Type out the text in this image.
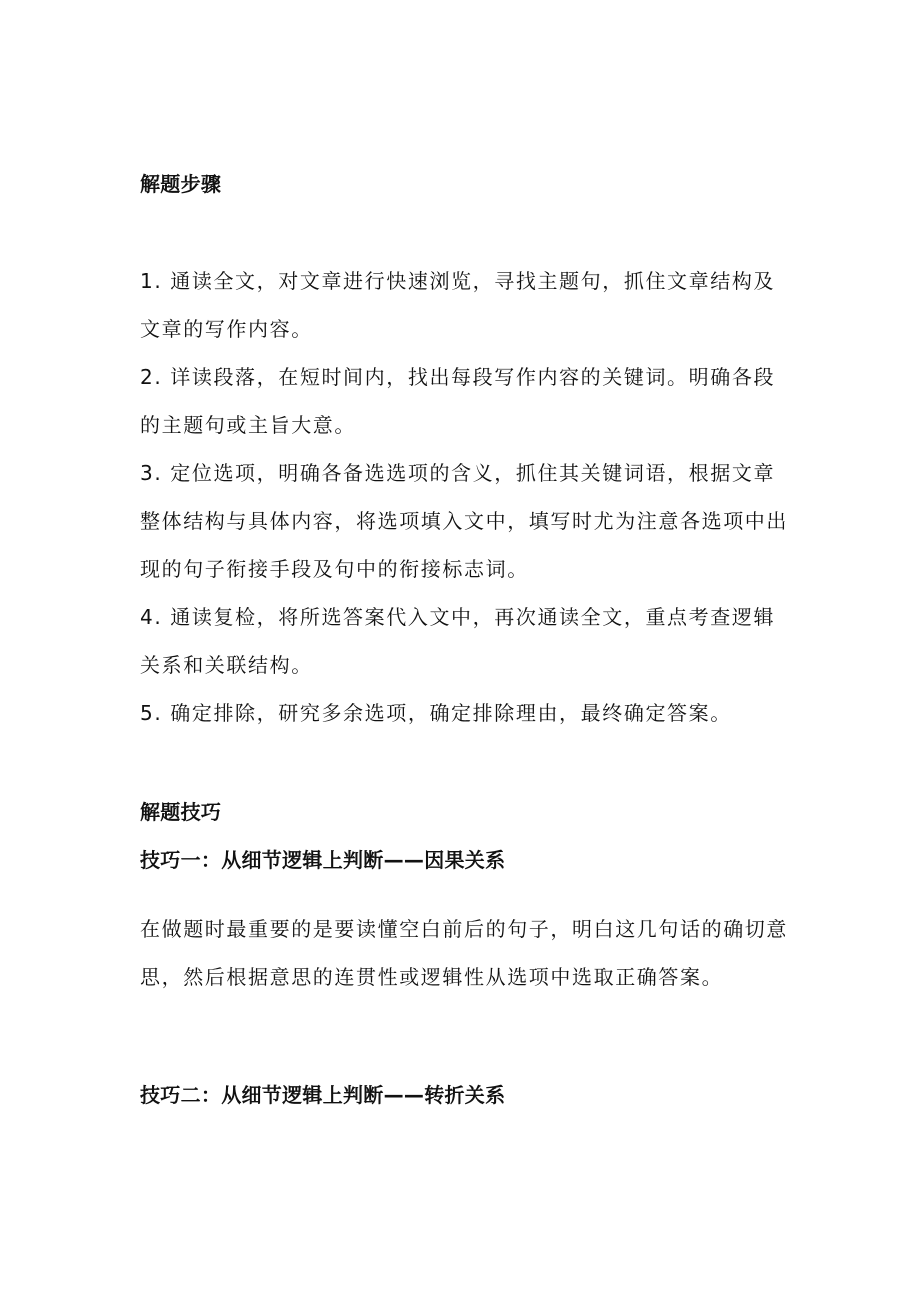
解题步骤

1. 通读全文，对文章进行快速浏览，寻找主题句，抓住文章结构及文章的写作内容。

2. 详读段落，在短时间内，找出每段写作内容的关键词。明确各段的主题句或主旨大意。

3. 定位选项，明确各备选选项的含义，抓住其关键词语，根据文章整体结构与具体内容，将选项填入文中，填写时尤为注意各选项中出现的句子衔接手段及句中的衔接标志词。

4. 通读复检，将所选答案代入文中，再次通读全文，重点考查逻辑关系和关联结构。

5. 确定排除，研究多余选项，确定排除理由，最终确定答案。

解题技巧

技巧一：从细节逻辑上判断——因果关系

在做题时最重要的是要读懂空白前后的句子，明白这几句话的确切意思，然后根据意思的连贯性或逻辑性从选项中选取正确答案。

技巧二：从细节逻辑上判断——转折关系
